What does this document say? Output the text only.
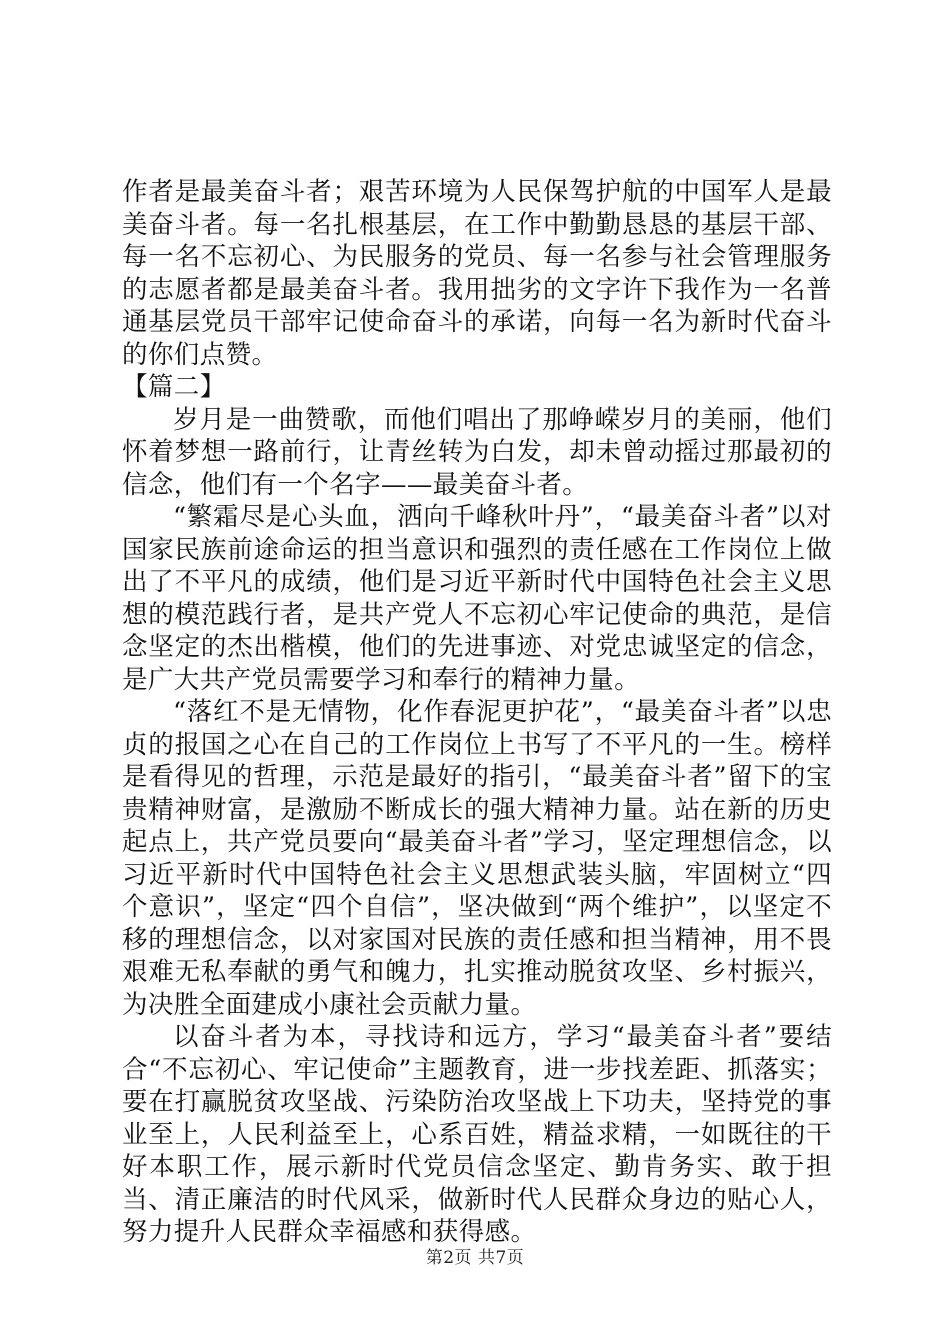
作者是最美奋斗者；艰苦环境为人民保驾护航的中国军人是最美奋斗者。每一名扎根基层，在工作中勤勤恳恳的基层干部、每一名不忘初心、为民服务的党员、每一名参与社会管理服务的志愿者都是最美奋斗者。我用拙劣的文字许下我作为一名普通基层党员干部牢记使命奋斗的承诺，向每一名为新时代奋斗的你们点赞。

【篇二】

岁月是一曲赞歌，而他们唱出了那峥嵘岁月的美丽，他们怀着梦想一路前行，让青丝转为白发，却未曾动摇过那最初的信念，他们有一个名字——最美奋斗者。

“繁霜尽是心头血，洒向千峰秋叶丹”，“最美奋斗者”以对国家民族前途命运的担当意识和强烈的责任感在工作岗位上做出了不平凡的成绩，他们是习近平新时代中国特色社会主义思想的模范践行者，是共产党人不忘初心牢记使命的典范，是信念坚定的杰出楷模，他们的先进事迹、对党忠诚坚定的信念，是广大共产党员需要学习和奉行的精神力量。

“落红不是无情物，化作春泥更护花”，“最美奋斗者”以忠贞的报国之心在自己的工作岗位上书写了不平凡的一生。榜样是看得见的哲理，示范是最好的指引，“最美奋斗者”留下的宝贵精神财富，是激励不断成长的强大精神力量。站在新的历史起点上，共产党员要向“最美奋斗者”学习，坚定理想信念，以习近平新时代中国特色社会主义思想武装头脑，牢固树立“四个意识”，坚定“四个自信”，坚决做到“两个维护”，以坚定不移的理想信念，以对家国对民族的责任感和担当精神，用不畏艰难无私奉献的勇气和魄力，扎实推动脱贫攻坚、乡村振兴，为决胜全面建成小康社会贡献力量。

以奋斗者为本，寻找诗和远方，学习“最美奋斗者”要结合“不忘初心、牢记使命”主题教育，进一步找差距、抓落实；要在打赢脱贫攻坚战、污染防治攻坚战上下功夫，坚持党的事业至上，人民利益至上，心系百姓，精益求精，一如既往的干好本职工作，展示新时代党员信念坚定、勤肯务实、敢于担当、清正廉洁的时代风采，做新时代人民群众身边的贴心人，努力提升人民群众幸福感和获得感。

第2页 共7页
